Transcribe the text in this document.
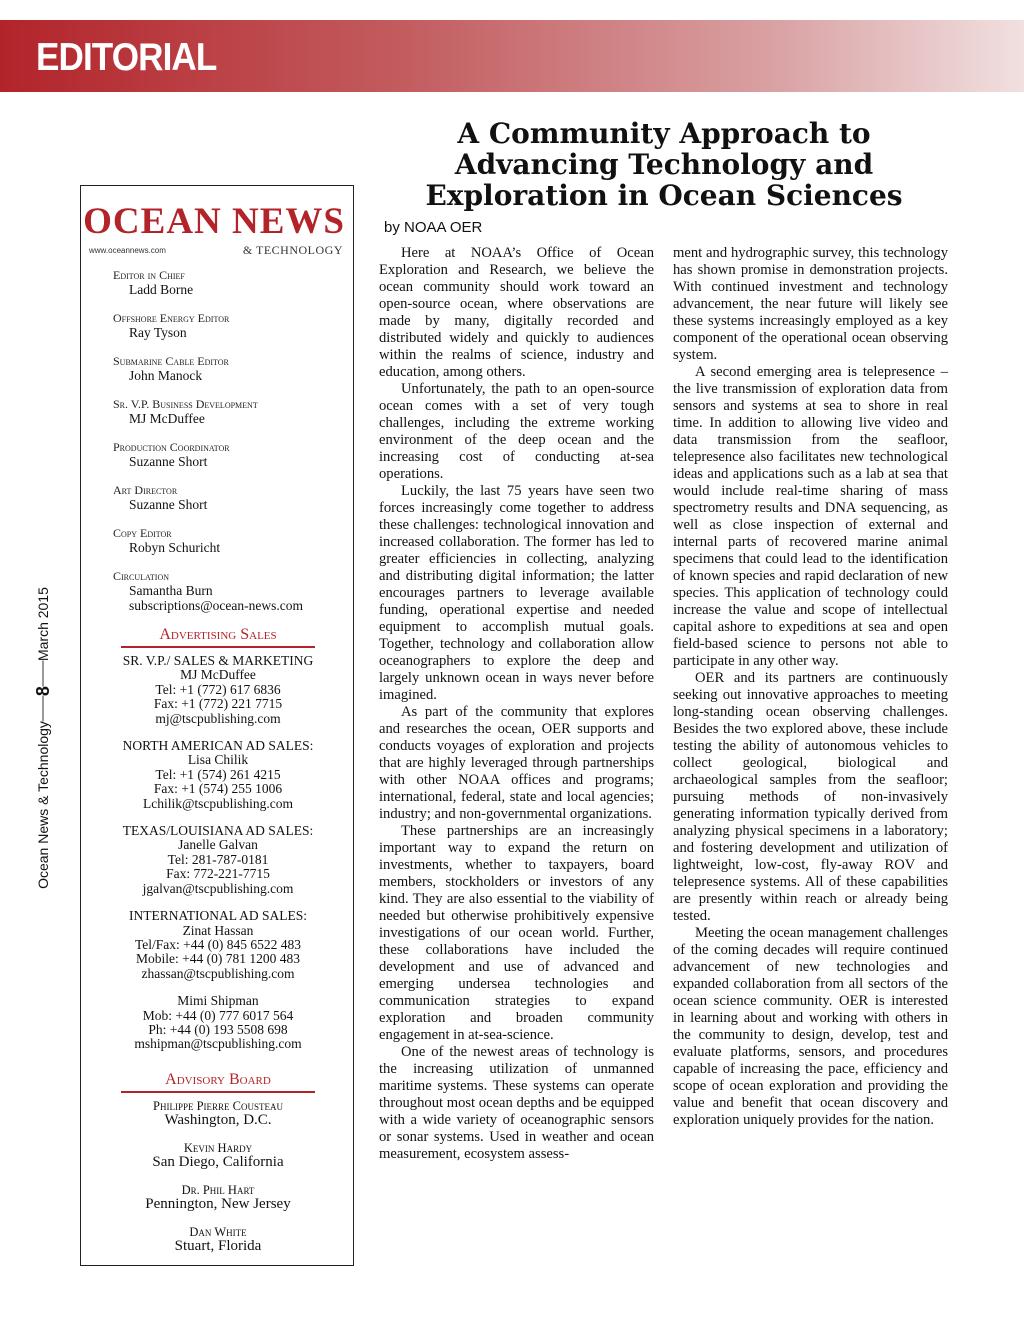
EDITORIAL
Ocean News & Technology
8
March 2015
OCEAN NEWS
www.oceannews.com	& TECHNOLOGY
Editor in Chief
Ladd Borne
Offshore Energy Editor
Ray Tyson
Submarine Cable Editor
John Manock
Sr. V.P. Business Development
MJ McDuffee
Production Coordinator
Suzanne Short
Art Director
Suzanne Short
Copy Editor
Robyn Schuricht
Circulation
Samantha Burn
subscriptions@ocean-news.com
Advertising Sales
SR. V.P./ SALES & MARKETING
MJ McDuffee
Tel: +1 (772) 617 6836
Fax: +1 (772) 221 7715
mj@tscpublishing.com
NORTH AMERICAN AD SALES:
Lisa Chilik
Tel: +1 (574) 261 4215
Fax: +1 (574) 255 1006
Lchilik@tscpublishing.com
TEXAS/LOUISIANA AD SALES:
Janelle Galvan
Tel: 281-787-0181
Fax: 772-221-7715
jgalvan@tscpublishing.com
INTERNATIONAL AD SALES:
Zinat Hassan
Tel/Fax: +44 (0) 845 6522 483
Mobile: +44 (0) 781 1200 483
zhassan@tscpublishing.com
Mimi Shipman
Mob: +44 (0) 777 6017 564
Ph: +44 (0) 193 5508 698
mshipman@tscpublishing.com
Advisory Board
Philippe Pierre Cousteau
Washington, D.C.
Kevin Hardy
San Diego, California
Dr. Phil Hart
Pennington, New Jersey
Dan White
Stuart, Florida
A Community Approach to
Advancing Technology and
Exploration in Ocean Sciences
by NOAA OER

Here at NOAA’s Office of Ocean Exploration and Research, we believe the ocean community should work toward an open-source ocean, where observations are made by many, digitally recorded and distributed widely and quickly to audiences within the realms of science, industry and education, among others.

Unfortunately, the path to an open-source ocean comes with a set of very tough challenges, including the extreme working environment of the deep ocean and the increasing cost of conducting at-sea operations.

Luckily, the last 75 years have seen two forces increasingly come together to address these challenges: technological innovation and increased collaboration. The former has led to greater efficiencies in collecting, analyzing and distributing digital information; the latter encourages partners to leverage available funding, operational expertise and needed equipment to accomplish mutual goals. Together, technology and collaboration allow oceanographers to explore the deep and largely unknown ocean in ways never before imagined.

As part of the community that explores and researches the ocean, OER supports and conducts voyages of exploration and projects that are highly leveraged through partnerships with other NOAA offices and programs; international, federal, state and local agencies; industry; and non-governmental organizations.

These partnerships are an increasingly important way to expand the return on investments, whether to taxpayers, board members, stockholders or investors of any kind. They are also essential to the viability of needed but otherwise prohibitively expensive investigations of our ocean world. Further, these collaborations have included the development and use of advanced and emerging undersea technologies and communication strategies to expand exploration and broaden community engagement in at-sea-science.

One of the newest areas of technology is the increasing utilization of unmanned maritime systems. These systems can operate throughout most ocean depths and be equipped with a wide variety of oceanographic sensors or sonar systems. Used in weather and ocean measurement, ecosystem assess-

ment and hydrographic survey, this technology has shown promise in demonstration projects. With continued investment and technology advancement, the near future will likely see these systems increasingly employed as a key component of the operational ocean observing system.

A second emerging area is telepresence – the live transmission of exploration data from sensors and systems at sea to shore in real time. In addition to allowing live video and data transmission from the seafloor, telepresence also facilitates new technological ideas and applications such as a lab at sea that would include real-time sharing of mass spectrometry results and DNA sequencing, as well as close inspection of external and internal parts of recovered marine animal specimens that could lead to the identification of known species and rapid declaration of new species. This application of technology could increase the value and scope of intellectual capital ashore to expeditions at sea and open field-based science to persons not able to participate in any other way.

OER and its partners are continuously seeking out innovative approaches to meeting long-standing ocean observing challenges. Besides the two explored above, these include testing the ability of autonomous vehicles to collect geological, biological and archaeological samples from the seafloor; pursuing methods of non-invasively generating information typically derived from analyzing physical specimens in a laboratory; and fostering development and utilization of lightweight, low-cost, fly-away ROV and telepresence systems. All of these capabilities are presently within reach or already being tested.

Meeting the ocean management challenges of the coming decades will require continued advancement of new technologies and expanded collaboration from all sectors of the ocean science community. OER is interested in learning about and working with others in the community to design, develop, test and evaluate platforms, sensors, and procedures capable of increasing the pace, efficiency and scope of ocean exploration and providing the value and benefit that ocean discovery and exploration uniquely provides for the nation.
